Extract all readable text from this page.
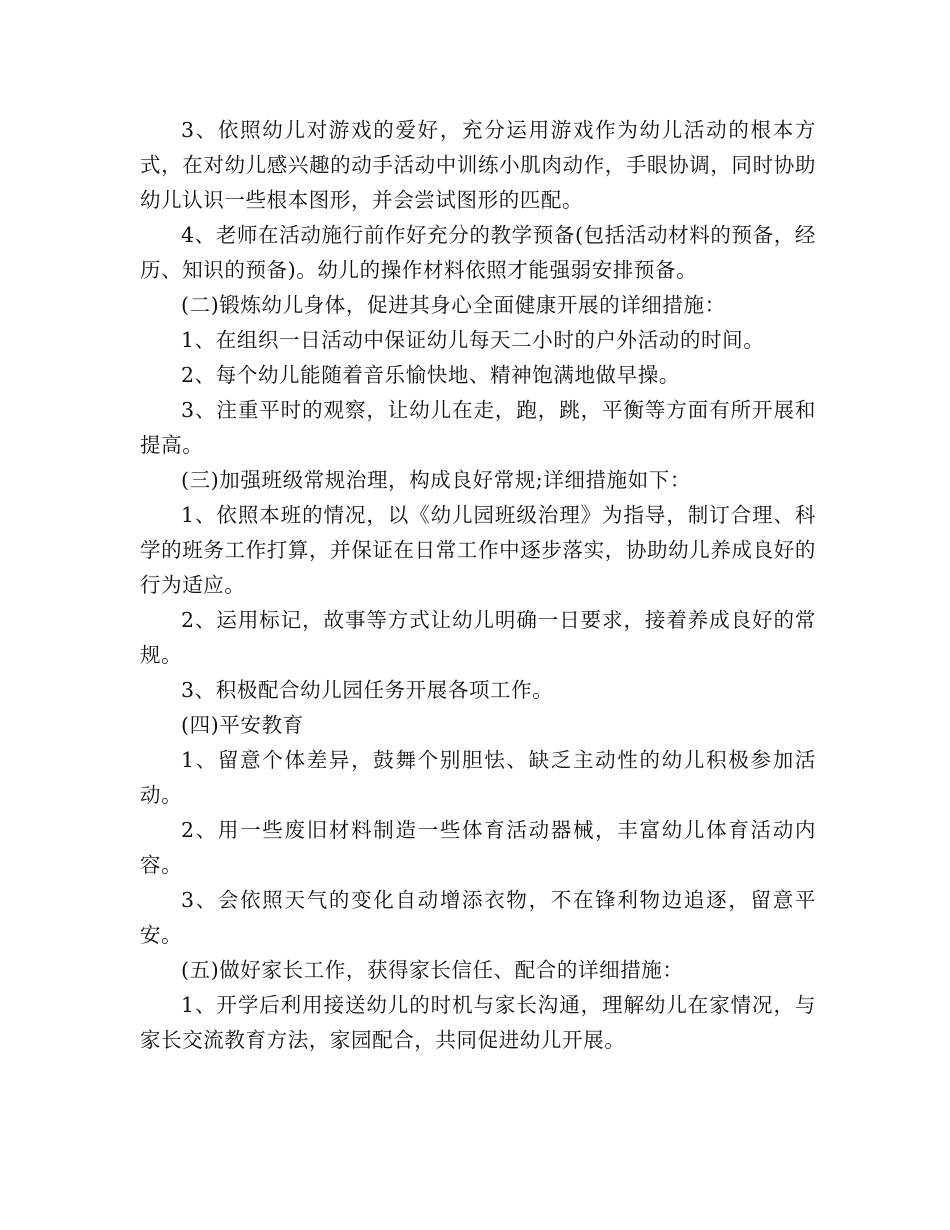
3、依照幼儿对游戏的爱好，充分运用游戏作为幼儿活动的根本方式，在对幼儿感兴趣的动手活动中训练小肌肉动作，手眼协调，同时协助幼儿认识一些根本图形，并会尝试图形的匹配。

4、老师在活动施行前作好充分的教学预备(包括活动材料的预备，经历、知识的预备)。幼儿的操作材料依照才能强弱安排预备。

(二)锻炼幼儿身体，促进其身心全面健康开展的详细措施：

1、在组织一日活动中保证幼儿每天二小时的户外活动的时间。

2、每个幼儿能随着音乐愉快地、精神饱满地做早操。

3、注重平时的观察，让幼儿在走，跑，跳，平衡等方面有所开展和提高。

(三)加强班级常规治理，构成良好常规;详细措施如下：

1、依照本班的情况，以《幼儿园班级治理》为指导，制订合理、科学的班务工作打算，并保证在日常工作中逐步落实，协助幼儿养成良好的行为适应。

2、运用标记，故事等方式让幼儿明确一日要求，接着养成良好的常规。

3、积极配合幼儿园任务开展各项工作。

(四)平安教育

1、留意个体差异，鼓舞个别胆怯、缺乏主动性的幼儿积极参加活动。

2、用一些废旧材料制造一些体育活动器械，丰富幼儿体育活动内容。

3、会依照天气的变化自动增添衣物，不在锋利物边追逐，留意平安。

(五)做好家长工作，获得家长信任、配合的详细措施：

1、开学后利用接送幼儿的时机与家长沟通，理解幼儿在家情况，与家长交流教育方法，家园配合，共同促进幼儿开展。
